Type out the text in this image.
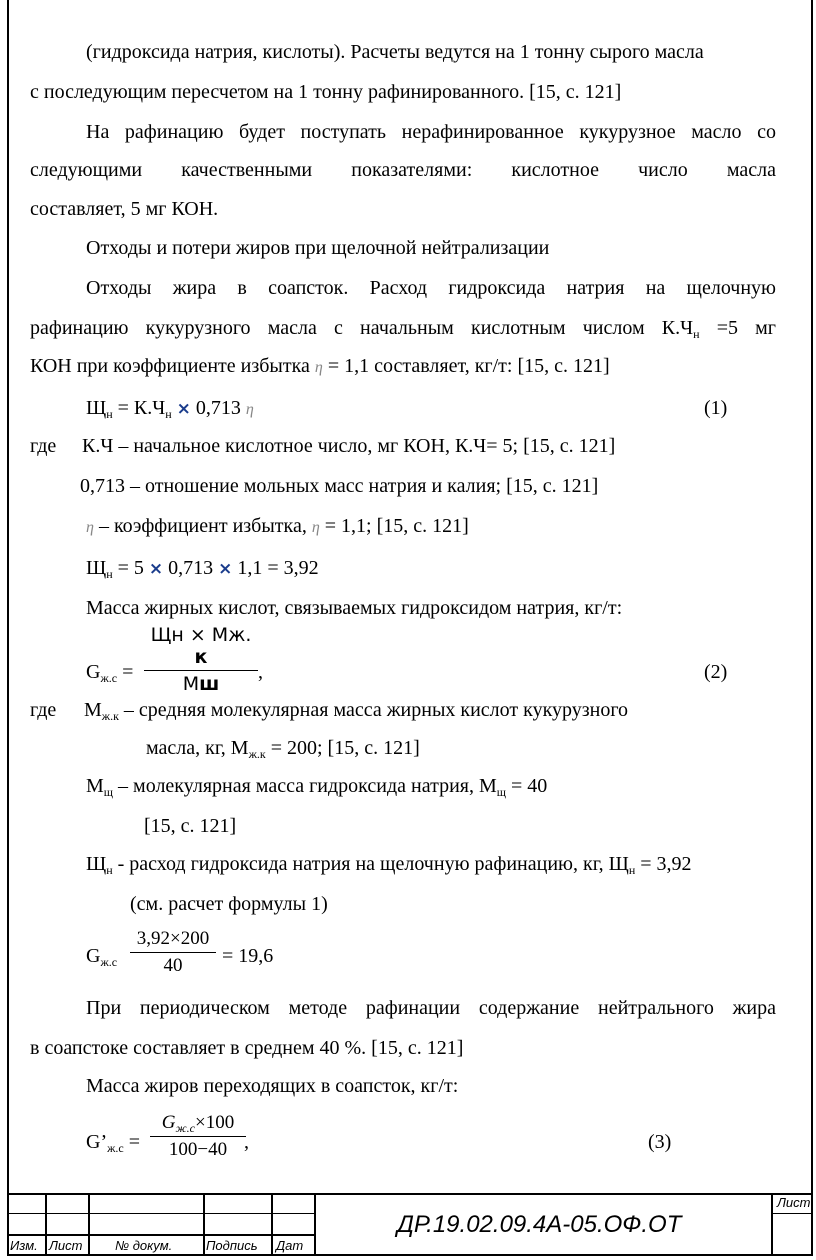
(гидроксида натрия, кислоты). Расчеты ведутся на 1 тонну сырого масла
с последующим пересчетом на 1 тонну рафинированного. [15, с. 121]
На рафинацию будет поступать нерафинированное кукурузное масло со
следующими качественными показателями: кислотное число масла
составляет, 5 мг КОН.
Отходы и потери жиров при щелочной нейтрализации
Отходы жира в соапсток. Расход гидроксида натрия на щелочную
рафинацию кукурузного масла с начальным кислотным числом $К.Ч_н =5$ мг
КОН при коэффициенте избытка η = 1,1 составляет, кг/т: [15, с. 121]
$Щ_н = К.Ч_н \times 0,713$ η	(1)
где К.Ч – начальное кислотное число, мг КОН, К.Ч= 5; [15, с. 121]
0,713 – отношение мольных масс натрия и калия; [15, с. 121]
η – коэффициент избытка, η = 1,1; [15, с. 121]
$Щ_н = 5 \times 0,713 \times 1,1 = 3,92$
Масса жирных кислот, связываемых гидроксидом натрия, кг/т:
$G_{ж.с}$ =
Щн × Мж. к
Мш
,	(2)
где $М_{ж.к}$ – средняя молекулярная масса жирных кислот кукурузного
масла, кг, $М_{ж.к} = 200$; [15, с. 121]
$М_щ$ – молекулярная масса гидроксида натрия, $М_щ = 40$
[15, с. 121]
$Щ_н$ - расход гидроксида натрия на щелочную рафинацию, кг, $Щ_н = 3,92$
(см. расчет формулы 1)
$G_{ж.с} \frac{3,92\times 200}{40} = 19,6$
При периодическом методе рафинации содержание нейтрального жира
в соапстоке составляет в среднем 40 %. [15, с. 121]
Масса жиров переходящих в соапсток, кг/т:
$G’_{ж.с}$ =
$G_{ж.с}\times 100$
100−40 ,	(3)
ДР.19.02.09.4А-05.ОФ.ОТ
Лист
Изм. Лист	№ докум.	Подпись Дат
